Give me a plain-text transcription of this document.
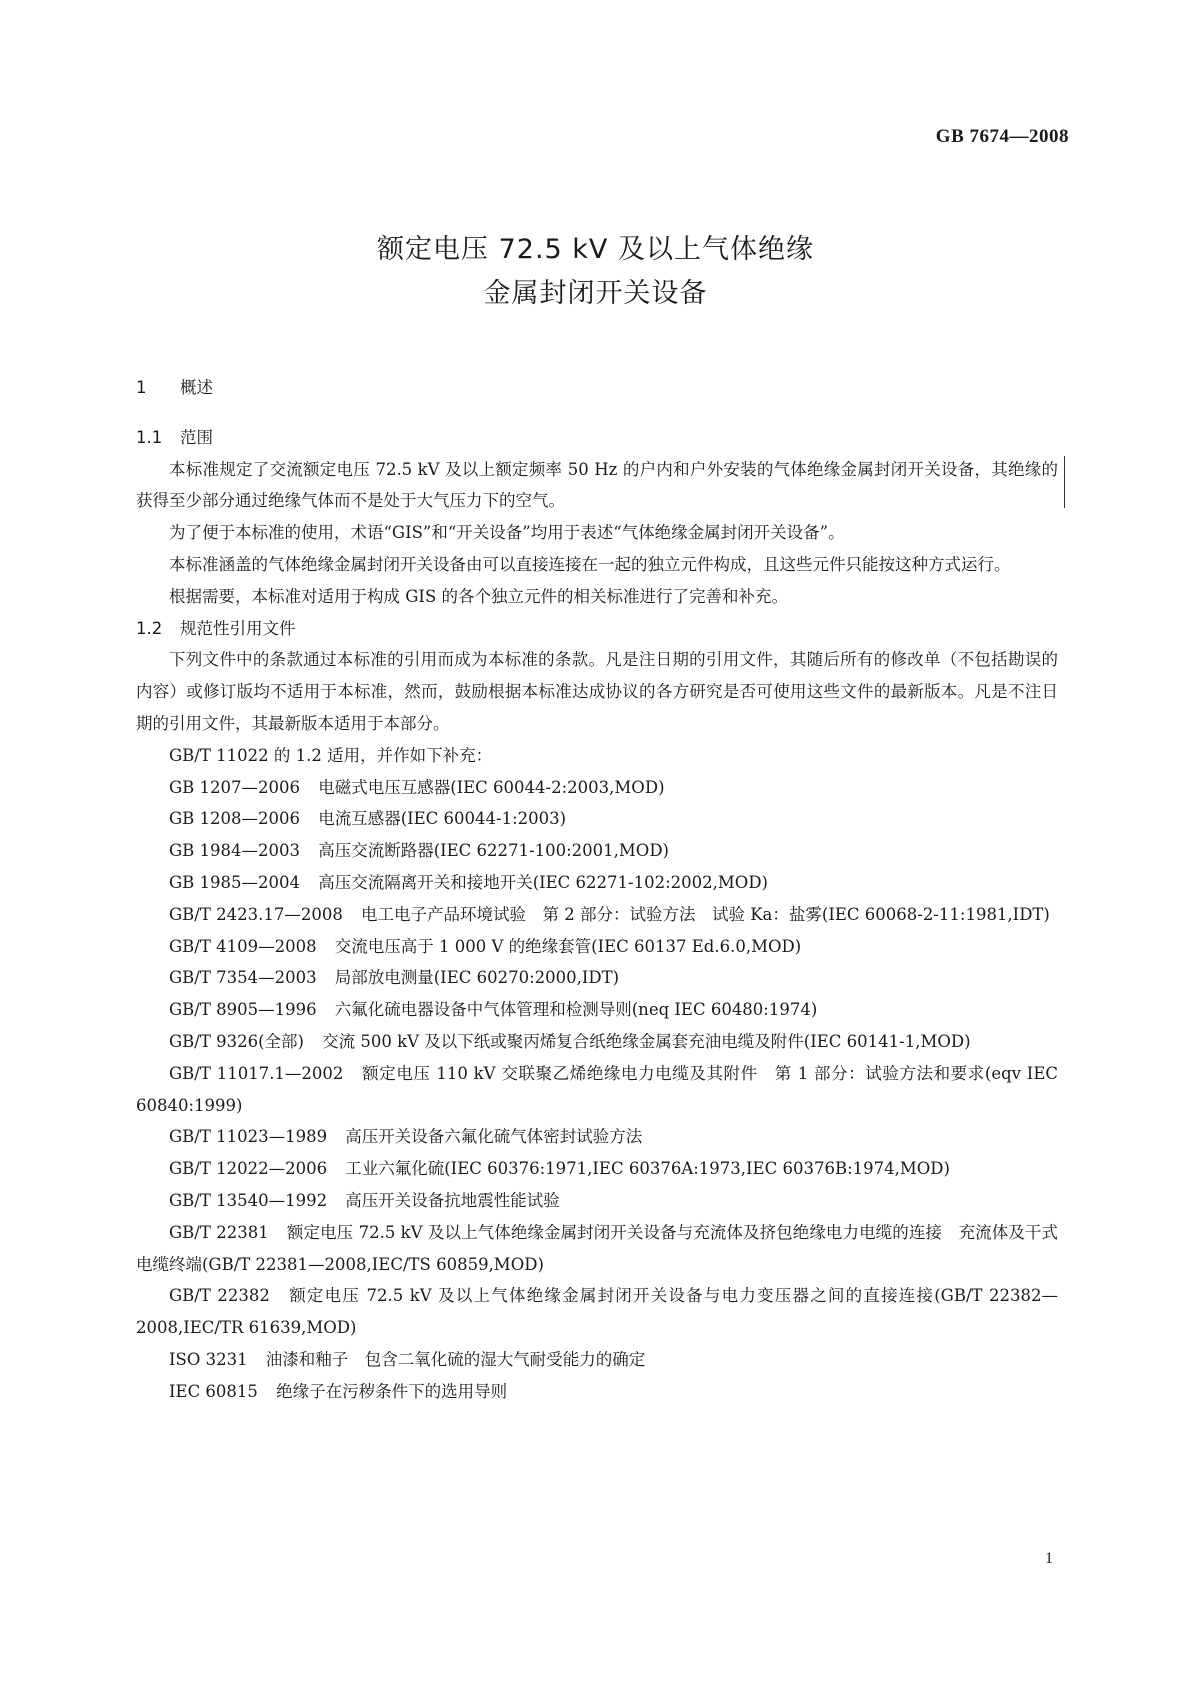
GB 7674—2008
额定电压 72.5 kV 及以上气体绝缘
金属封闭开关设备
1 概述
1.1 范围
本标准规定了交流额定电压 72.5 kV 及以上额定频率 50 Hz 的户内和户外安装的气体绝缘金属封闭开关设备，其绝缘的获得至少部分通过绝缘气体而不是处于大气压力下的空气。
为了便于本标准的使用，术语“GIS”和“开关设备”均用于表述“气体绝缘金属封闭开关设备”。
本标准涵盖的气体绝缘金属封闭开关设备由可以直接连接在一起的独立元件构成，且这些元件只能按这种方式运行。
根据需要，本标准对适用于构成 GIS 的各个独立元件的相关标准进行了完善和补充。
1.2 规范性引用文件
下列文件中的条款通过本标准的引用而成为本标准的条款。凡是注日期的引用文件，其随后所有的修改单（不包括勘误的内容）或修订版均不适用于本标准，然而，鼓励根据本标准达成协议的各方研究是否可使用这些文件的最新版本。凡是不注日期的引用文件，其最新版本适用于本部分。
GB/T 11022 的 1.2 适用，并作如下补充：
GB 1207—2006 电磁式电压互感器(IEC 60044-2:2003,MOD)
GB 1208—2006 电流互感器(IEC 60044-1:2003)
GB 1984—2003 高压交流断路器(IEC 62271-100:2001,MOD)
GB 1985—2004 高压交流隔离开关和接地开关(IEC 62271-102:2002,MOD)
GB/T 2423.17—2008 电工电子产品环境试验　第 2 部分：试验方法　试验 Ka：盐雾(IEC 60068-2-11:1981,IDT)
GB/T 4109—2008 交流电压高于 1 000 V 的绝缘套管(IEC 60137 Ed.6.0,MOD)
GB/T 7354—2003 局部放电测量(IEC 60270:2000,IDT)
GB/T 8905—1996 六氟化硫电器设备中气体管理和检测导则(neq IEC 60480:1974)
GB/T 9326(全部) 交流 500 kV 及以下纸或聚丙烯复合纸绝缘金属套充油电缆及附件(IEC 60141-1,MOD)
GB/T 11017.1—2002 额定电压 110 kV 交联聚乙烯绝缘电力电缆及其附件　第 1 部分：试验方法和要求(eqv IEC 60840:1999)
GB/T 11023—1989 高压开关设备六氟化硫气体密封试验方法
GB/T 12022—2006 工业六氟化硫(IEC 60376:1971,IEC 60376A:1973,IEC 60376B:1974,MOD)
GB/T 13540—1992 高压开关设备抗地震性能试验
GB/T 22381 额定电压 72.5 kV 及以上气体绝缘金属封闭开关设备与充流体及挤包绝缘电力电缆的连接　充流体及干式电缆终端(GB/T 22381—2008,IEC/TS 60859,MOD)
GB/T 22382 额定电压 72.5 kV 及以上气体绝缘金属封闭开关设备与电力变压器之间的直接连接(GB/T 22382—2008,IEC/TR 61639,MOD)
ISO 3231 油漆和釉子　包含二氧化硫的湿大气耐受能力的确定
IEC 60815 绝缘子在污秽条件下的选用导则
1
